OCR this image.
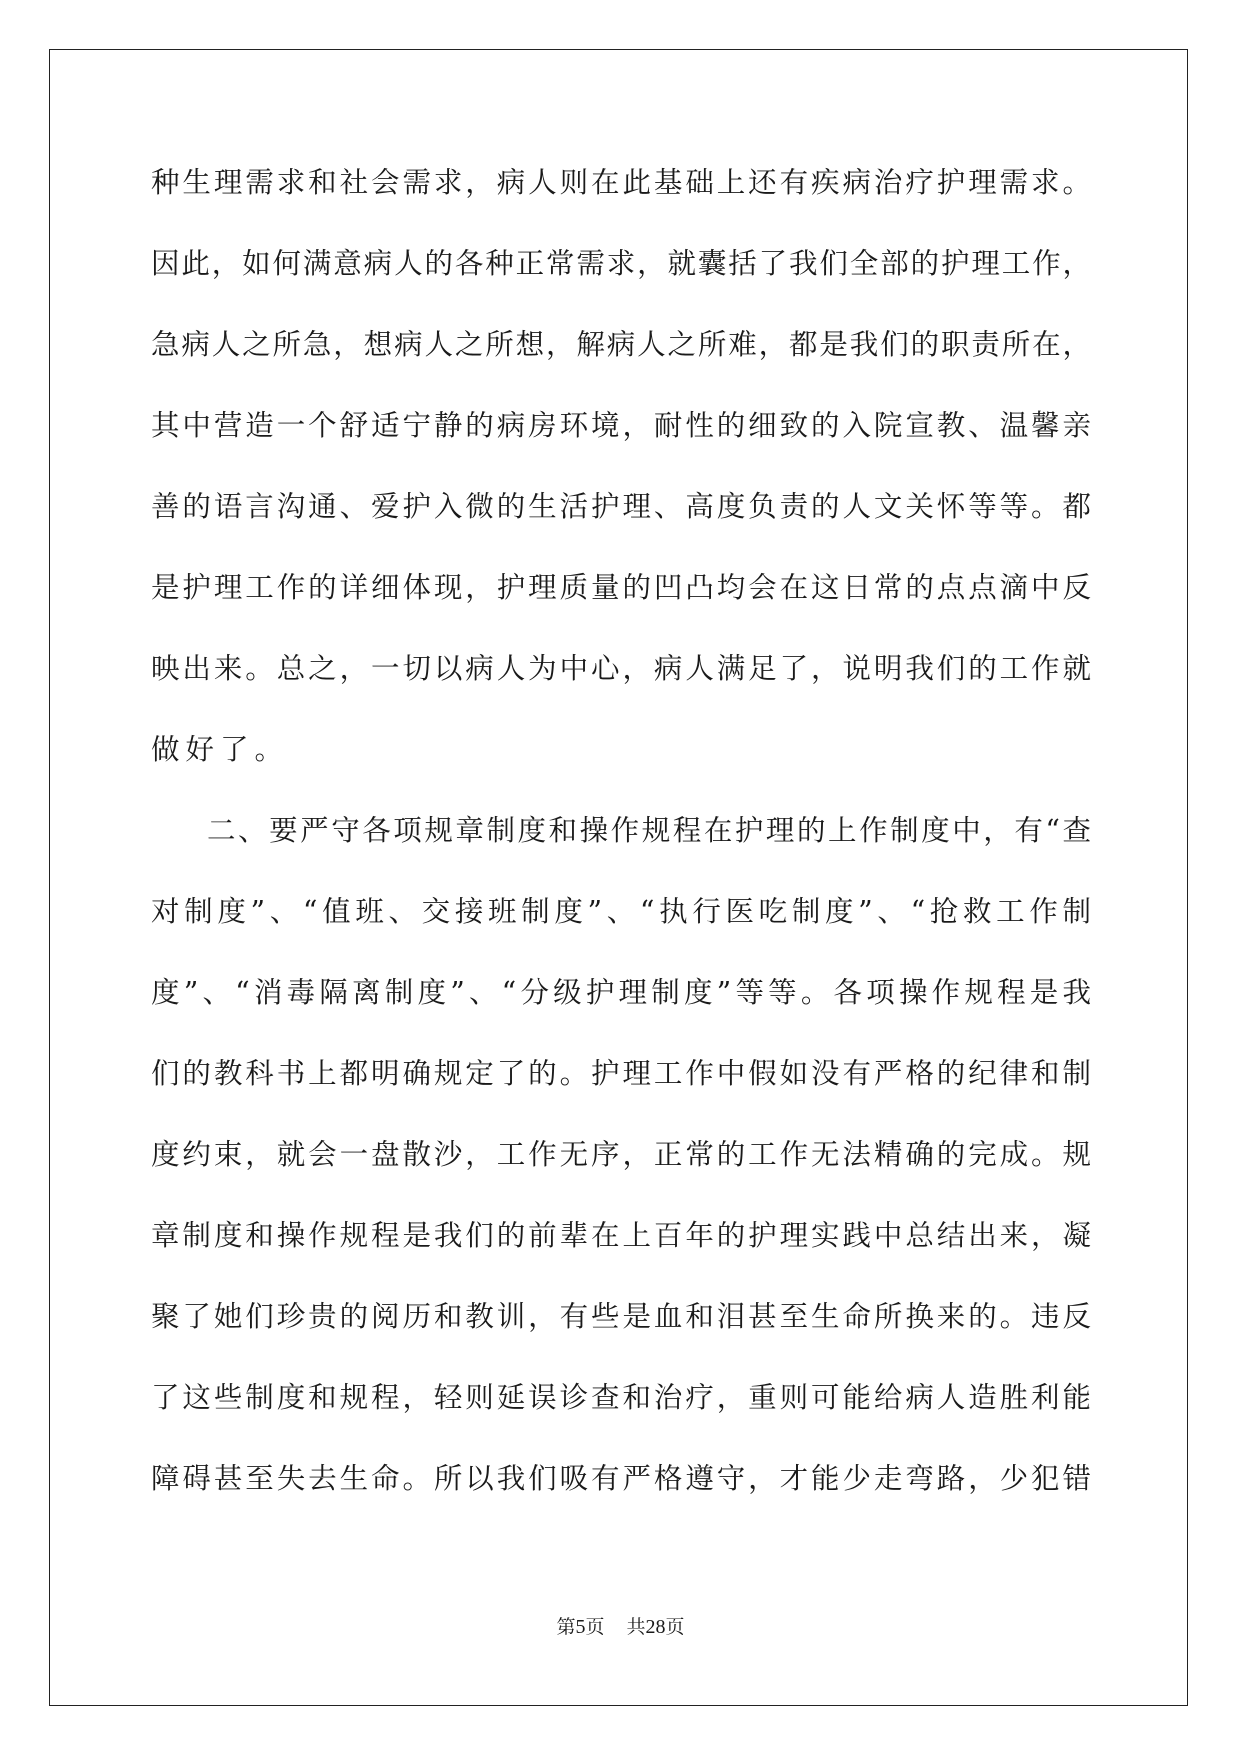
种生理需求和社会需求，病人则在此基础上还有疾病治疗护理需求。
因此，如何满意病人的各种正常需求，就囊括了我们全部的护理工作，
急病人之所急，想病人之所想，解病人之所难，都是我们的职责所在，
其中营造一个舒适宁静的病房环境，耐性的细致的入院宣教、温馨亲
善的语言沟通、爱护入微的生活护理、高度负责的人文关怀等等。都
是护理工作的详细体现，护理质量的凹凸均会在这日常的点点滴中反
映出来。总之，一切以病人为中心，病人满足了，说明我们的工作就
做好了。
二、要严守各项规章制度和操作规程在护理的上作制度中，有“查
对制度”、“值班、交接班制度”、“执行医吃制度”、“抢救工作制
度”、“消毒隔离制度”、“分级护理制度”等等。各项操作规程是我
们的教科书上都明确规定了的。护理工作中假如没有严格的纪律和制
度约束，就会一盘散沙，工作无序，正常的工作无法精确的完成。规
章制度和操作规程是我们的前辈在上百年的护理实践中总结出来，凝
聚了她们珍贵的阅历和教训，有些是血和泪甚至生命所换来的。违反
了这些制度和规程，轻则延误诊查和治疗，重则可能给病人造胜利能
障碍甚至失去生命。所以我们吸有严格遵守，才能少走弯路，少犯错
第5页 共28页
